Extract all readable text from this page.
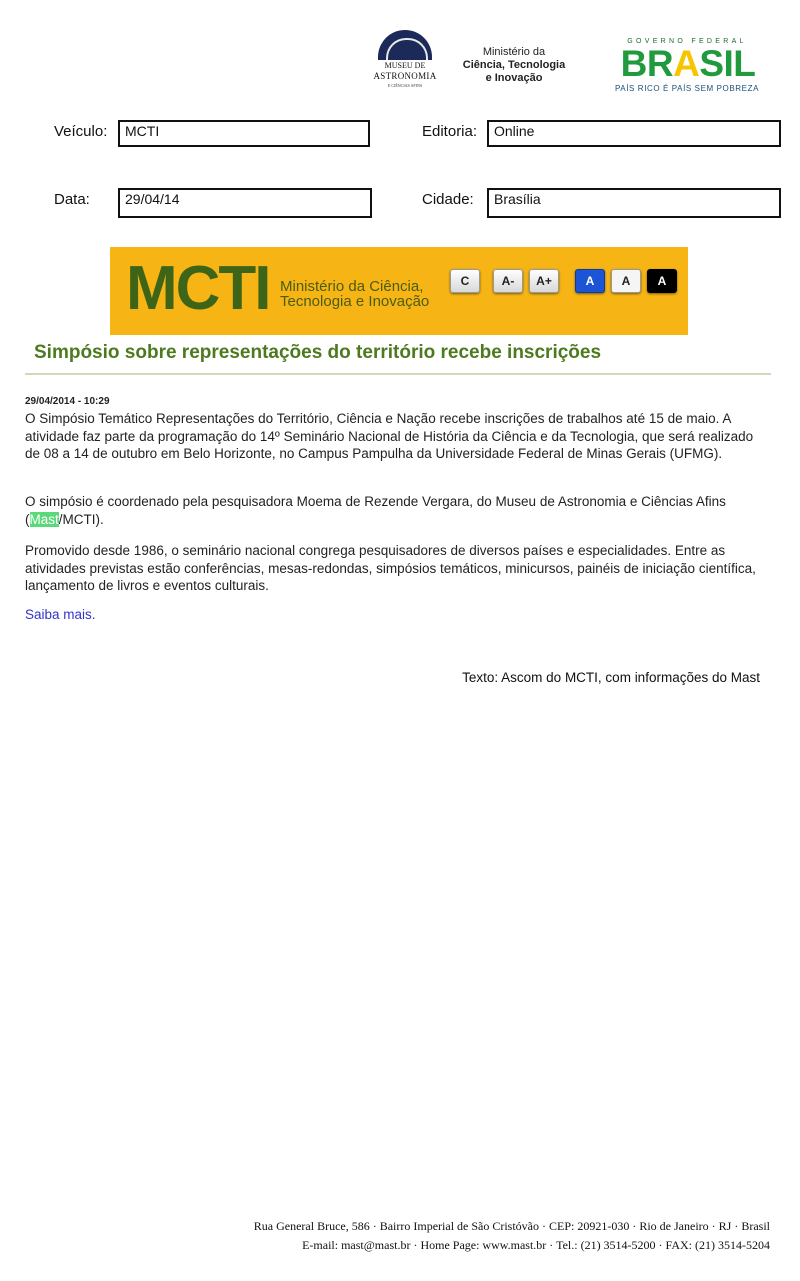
MUSEU DE
ASTRONOMIA
E CIÊNCIAS AFINS
Ministério da
Ciência, Tecnologia
e Inovação
GOVERNO FEDERAL
BRASIL
PAÍS RICO É PAÍS SEM POBREZA
Veículo:	MCTI	Editoria:	Online
Data:	29/04/14	Cidade:	Brasília
MCTI Ministério da Ciência,
Tecnologia e Inovação
C	A-	A+	A	A	A
Simpósio sobre representações do território recebe inscrições
29/04/2014 - 10:29

O Simpósio Temático Representações do Território, Ciência e Nação recebe inscrições de trabalhos até 15 de maio. A atividade faz parte da programação do 14º Seminário Nacional de História da Ciência e da Tecnologia, que será realizado de 08 a 14 de outubro em Belo Horizonte, no Campus Pampulha da Universidade Federal de Minas Gerais (UFMG).

O simpósio é coordenado pela pesquisadora Moema de Rezende Vergara, do Museu de Astronomia e Ciências Afins (Mast/MCTI).

Promovido desde 1986, o seminário nacional congrega pesquisadores de diversos países e especialidades. Entre as atividades previstas estão conferências, mesas-redondas, simpósios temáticos, minicursos, painéis de iniciação científica, lançamento de livros e eventos culturais.

Saiba mais.
Texto: Ascom do MCTI, com informações do Mast
Rua General Bruce, 586 · Bairro Imperial de São Cristóvão · CEP: 20921-030 · Rio de Janeiro · RJ · Brasil
E-mail: mast@mast.br · Home Page: www.mast.br · Tel.: (21) 3514-5200 · FAX: (21) 3514-5204
